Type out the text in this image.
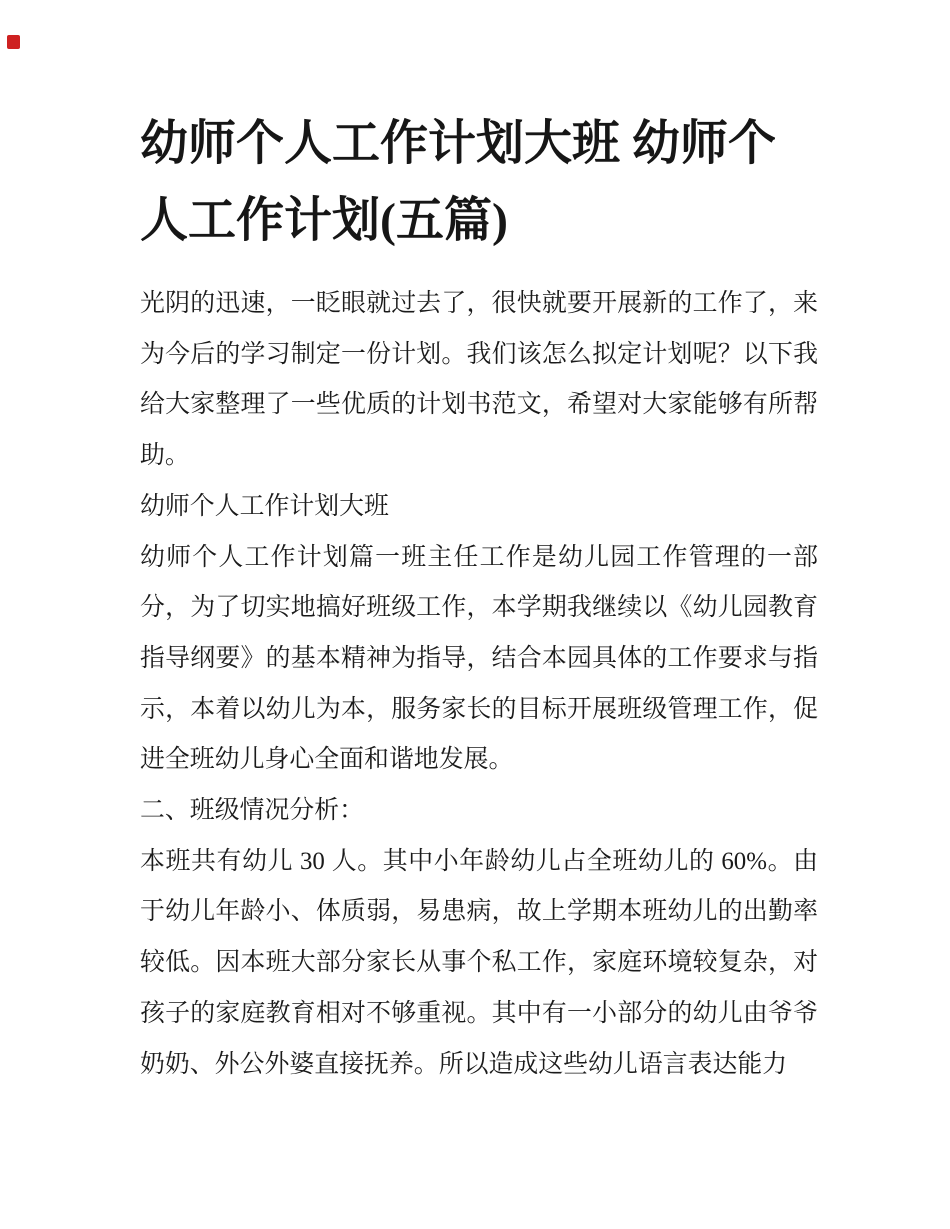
幼师个人工作计划大班 幼师个
人工作计划(五篇)
光阴的迅速，一眨眼就过去了，很快就要开展新的工作了，来
为今后的学习制定一份计划。我们该怎么拟定计划呢？以下我
给大家整理了一些优质的计划书范文，希望对大家能够有所帮
助。
幼师个人工作计划大班
幼师个人工作计划篇一班主任工作是幼儿园工作管理的一部
分，为了切实地搞好班级工作，本学期我继续以《幼儿园教育
指导纲要》的基本精神为指导，结合本园具体的工作要求与指
示，本着以幼儿为本，服务家长的目标开展班级管理工作，促
进全班幼儿身心全面和谐地发展。
二、班级情况分析：
本班共有幼儿 30 人。其中小年龄幼儿占全班幼儿的 60%。由
于幼儿年龄小、体质弱，易患病，故上学期本班幼儿的出勤率
较低。因本班大部分家长从事个私工作，家庭环境较复杂，对
孩子的家庭教育相对不够重视。其中有一小部分的幼儿由爷爷
奶奶、外公外婆直接抚养。所以造成这些幼儿语言表达能力
